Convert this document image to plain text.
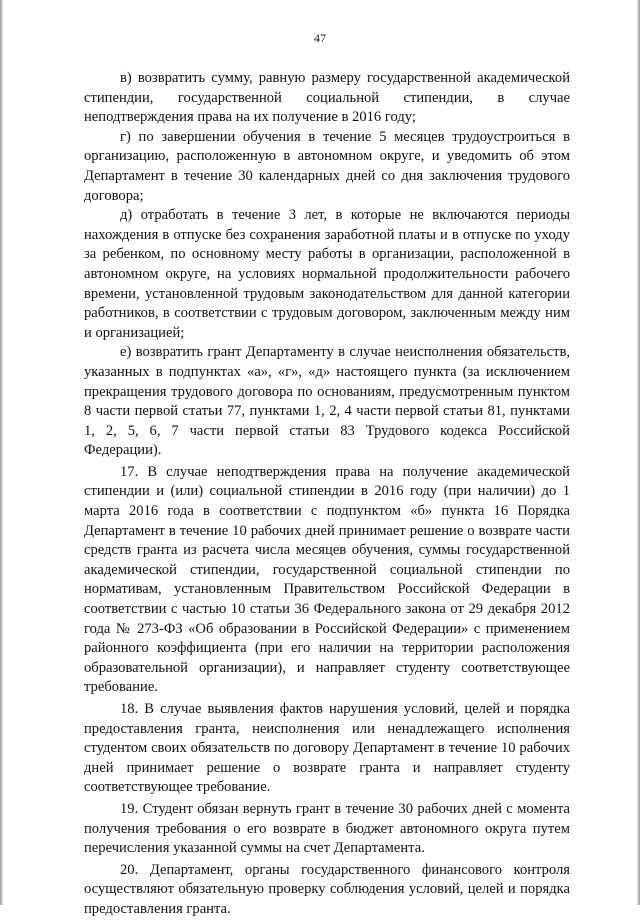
47

в) возвратить сумму, равную размеру государственной академической стипендии, государственной социальной стипендии, в случае неподтверждения права на их получение в 2016 году;

г) по завершении обучения в течение 5 месяцев трудоустроиться в организацию, расположенную в автономном округе, и уведомить об этом Департамент в течение 30 календарных дней со дня заключения трудового договора;

д) отработать в течение 3 лет, в которые не включаются периоды нахождения в отпуске без сохранения заработной платы и в отпуске по уходу за ребенком, по основному месту работы в организации, расположенной в автономном округе, на условиях нормальной продолжительности рабочего времени, установленной трудовым законодательством для данной категории работников, в соответствии с трудовым договором, заключенным между ним и организацией;

е) возвратить грант Департаменту в случае неисполнения обязательств, указанных в подпунктах «а», «г», «д» настоящего пункта (за исключением прекращения трудового договора по основаниям, предусмотренным пунктом 8 части первой статьи 77, пунктами 1, 2, 4 части первой статьи 81, пунктами 1, 2, 5, 6, 7 части первой статьи 83 Трудового кодекса Российской Федерации).

17. В случае неподтверждения права на получение академической стипендии и (или) социальной стипендии в 2016 году (при наличии) до 1 марта 2016 года в соответствии с подпунктом «б» пункта 16 Порядка Департамент в течение 10 рабочих дней принимает решение о возврате части средств гранта из расчета числа месяцев обучения, суммы государственной академической стипендии, государственной социальной стипендии по нормативам, установленным Правительством Российской Федерации в соответствии с частью 10 статьи 36 Федерального закона от 29 декабря 2012 года № 273-ФЗ «Об образовании в Российской Федерации» с применением районного коэффициента (при его наличии на территории расположения образовательной организации), и направляет студенту соответствующее требование.

18. В случае выявления фактов нарушения условий, целей и порядка предоставления гранта, неисполнения или ненадлежащего исполнения студентом своих обязательств по договору Департамент в течение 10 рабочих дней принимает решение о возврате гранта и направляет студенту соответствующее требование.

19. Студент обязан вернуть грант в течение 30 рабочих дней с момента получения требования о его возврате в бюджет автономного округа путем перечисления указанной суммы на счет Департамента.

20. Департамент, органы государственного финансового контроля осуществляют обязательную проверку соблюдения условий, целей и порядка предоставления гранта.
